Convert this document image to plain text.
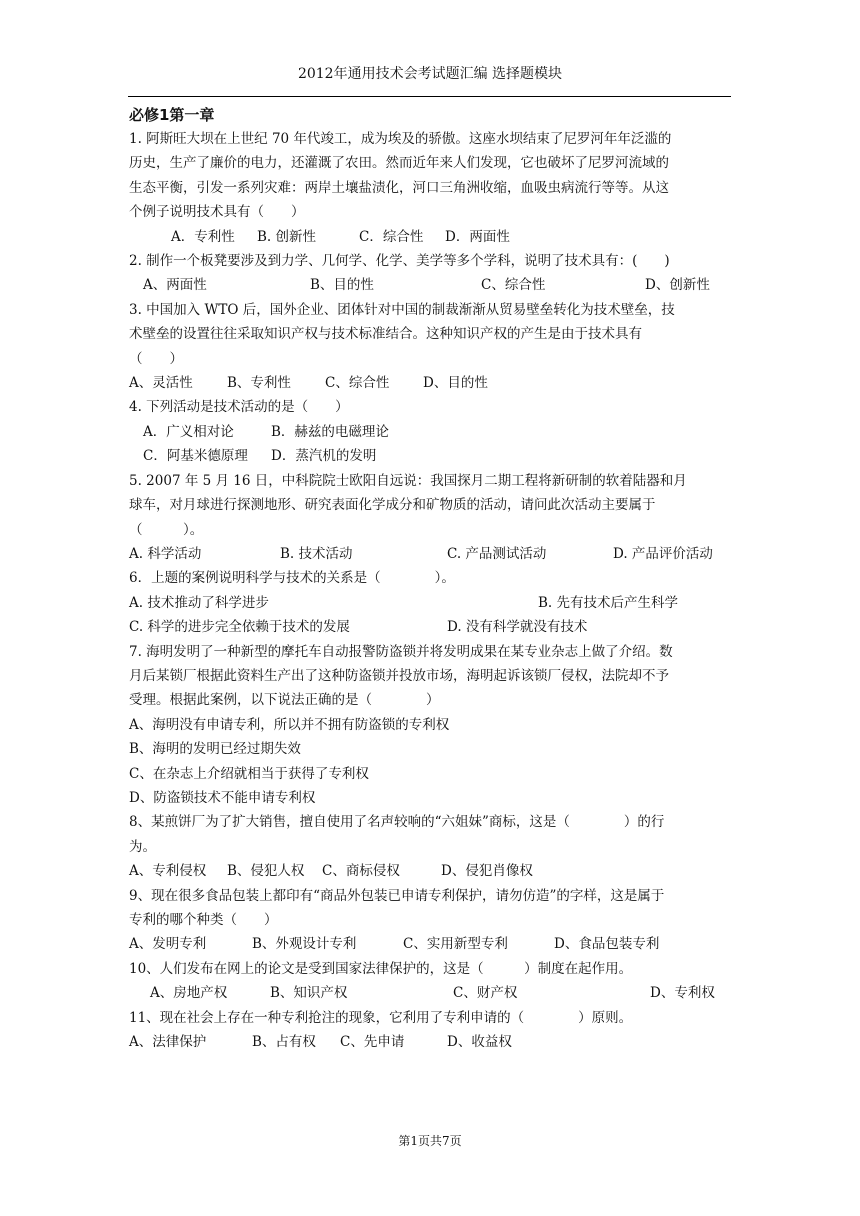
2012年通用技术会考试题汇编 选择题模块
必修1第一章
1. 阿斯旺大坝在上世纪 70 年代竣工，成为埃及的骄傲。这座水坝结束了尼罗河年年泛滥的
历史，生产了廉价的电力，还灌溉了农田。然而近年来人们发现，它也破坏了尼罗河流域的
生态平衡，引发一系列灾难：两岸土壤盐渍化，河口三角洲收缩，血吸虫病流行等等。从这
个例子说明技术具有（　　）
A．专利性	B. 创新性	C．综合性	D．两面性
2. 制作一个板凳要涉及到力学、几何学、化学、美学等多个学科，说明了技术具有：(　　)
A、两面性	B、目的性	C、综合性	D、创新性
3. 中国加入 WTO 后，国外企业、团体针对中国的制裁渐渐从贸易壁垒转化为技术壁垒，技
术壁垒的设置往往采取知识产权与技术标准结合。这种知识产权的产生是由于技术具有
（　　）
A、灵活性	B、专利性	C、综合性	D、目的性
4. 下列活动是技术活动的是（　　）
A．广义相对论	B．赫兹的电磁理论
C．阿基米德原理	D．蒸汽机的发明
5. 2007 年 5 月 16 日，中科院院士欧阳自远说：我国探月二期工程将新研制的软着陆器和月
球车，对月球进行探测地形、研究表面化学成分和矿物质的活动，请问此次活动主要属于
（　　　）。
A. 科学活动	B. 技术活动	C. 产品测试活动	D. 产品评价活动
6．上题的案例说明科学与技术的关系是（　　　　）。
A. 技术推动了科学进步	B. 先有技术后产生科学
C. 科学的进步完全依赖于技术的发展	D. 没有科学就没有技术
7. 海明发明了一种新型的摩托车自动报警防盗锁并将发明成果在某专业杂志上做了介绍。数
月后某锁厂根据此资料生产出了这种防盗锁并投放市场，海明起诉该锁厂侵权，法院却不予
受理。根据此案例，以下说法正确的是（　　　　）
A、海明没有申请专利，所以并不拥有防盗锁的专利权
B、海明的发明已经过期失效
C、在杂志上介绍就相当于获得了专利权
D、防盗锁技术不能申请专利权
8、某煎饼厂为了扩大销售，擅自使用了名声较响的“六姐妹”商标，这是（　　　　）的行
为。
A、专利侵权	B、侵犯人权	C、商标侵权	D、侵犯肖像权
9、现在很多食品包装上都印有“商品外包装已申请专利保护，请勿仿造”的字样，这是属于
专利的哪个种类（　　）
A、发明专利	B、外观设计专利	C、实用新型专利	D、食品包装专利
10、人们发布在网上的论文是受到国家法律保护的，这是（　　　）制度在起作用。
A、房地产权	B、知识产权	C、财产权	D、专利权
11、现在社会上存在一种专利抢注的现象，它利用了专利申请的（　　　　）原则。
A、法律保护	B、占有权	C、先申请	D、收益权
第1页共7页
